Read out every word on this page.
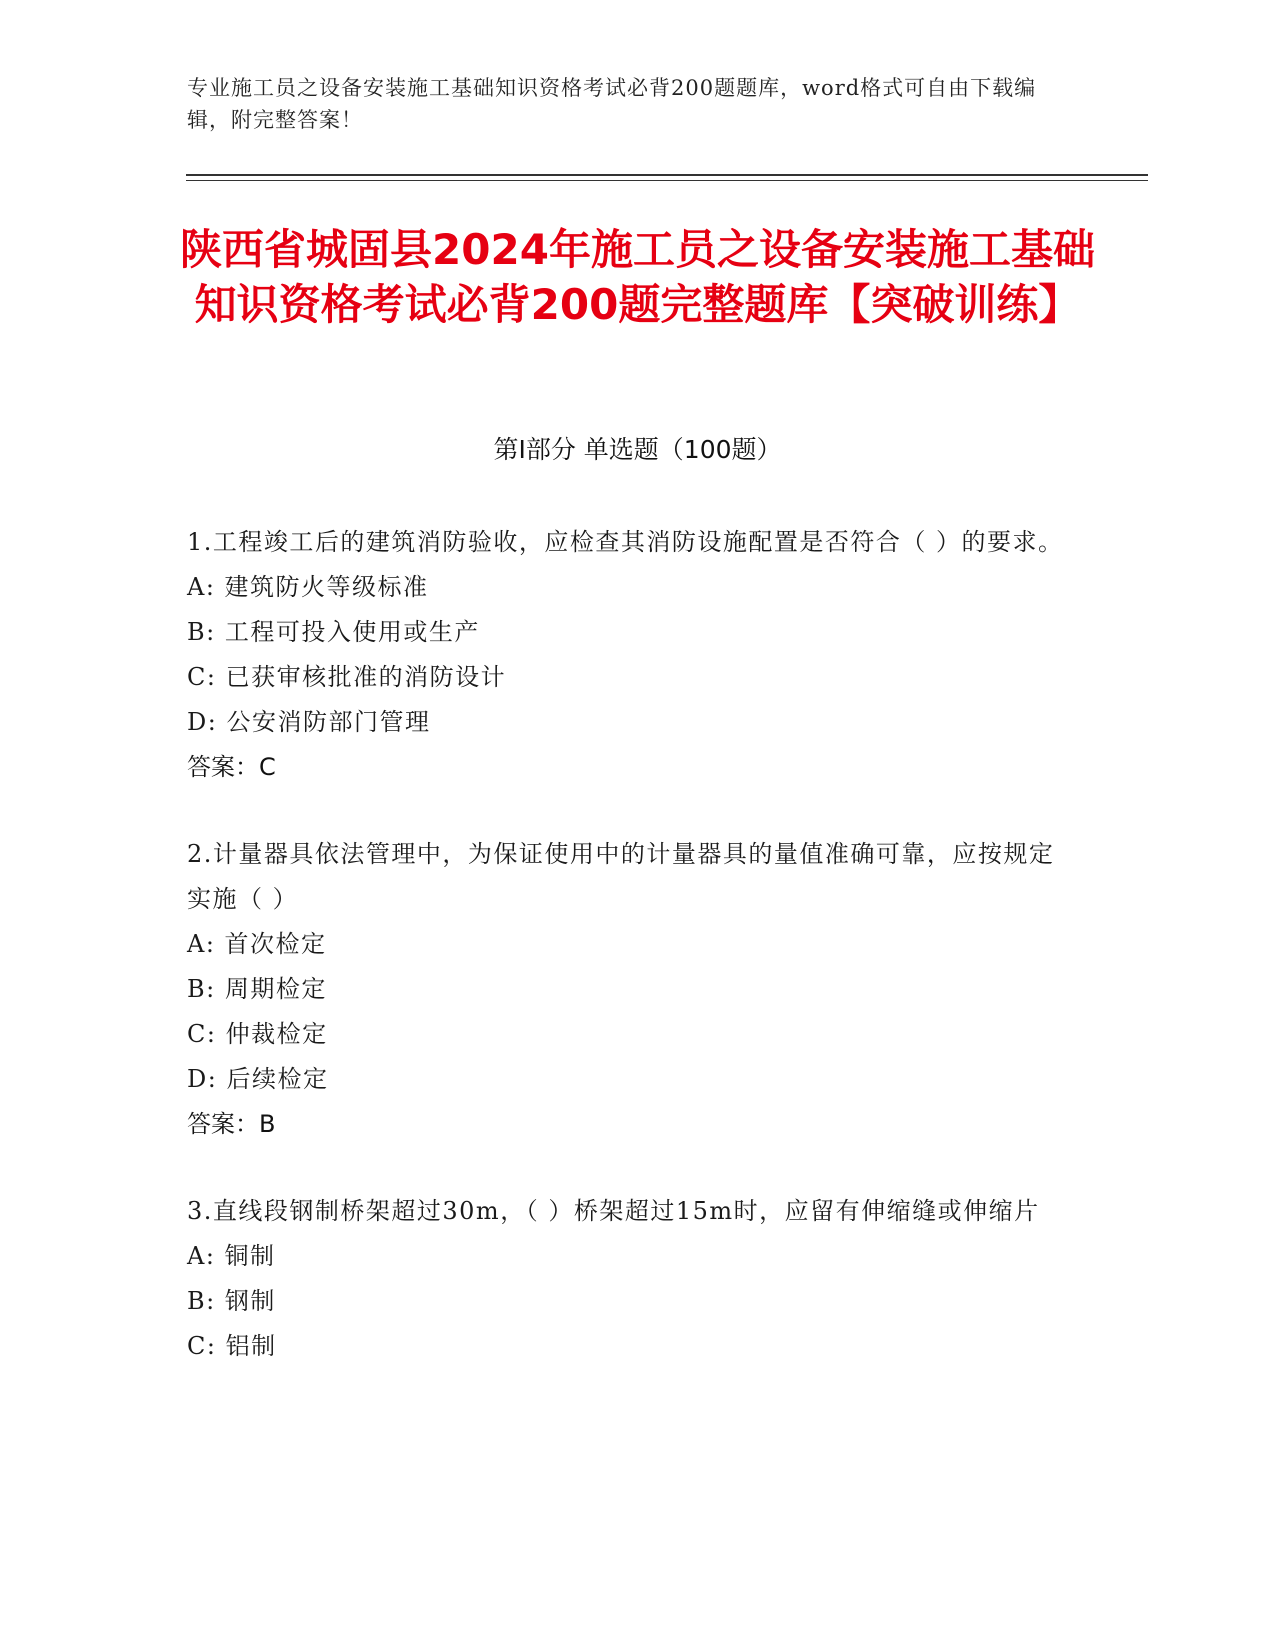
专业施工员之设备安装施工基础知识资格考试必背200题题库，word格式可自由下载编辑，附完整答案！
陕西省城固县2024年施工员之设备安装施工基础知识资格考试必背200题完整题库【突破训练】
第Ⅰ部分 单选题（100题）
1.工程竣工后的建筑消防验收，应检查其消防设施配置是否符合（ ）的要求。
A: 建筑防火等级标准
B: 工程可投入使用或生产
C: 已获审核批准的消防设计
D: 公安消防部门管理
答案：C
2.计量器具依法管理中，为保证使用中的计量器具的量值准确可靠，应按规定实施（ ）
A: 首次检定
B: 周期检定
C: 仲裁检定
D: 后续检定
答案：B
3.直线段钢制桥架超过30m，（ ）桥架超过15m时，应留有伸缩缝或伸缩片
A: 铜制
B: 钢制
C: 铝制
